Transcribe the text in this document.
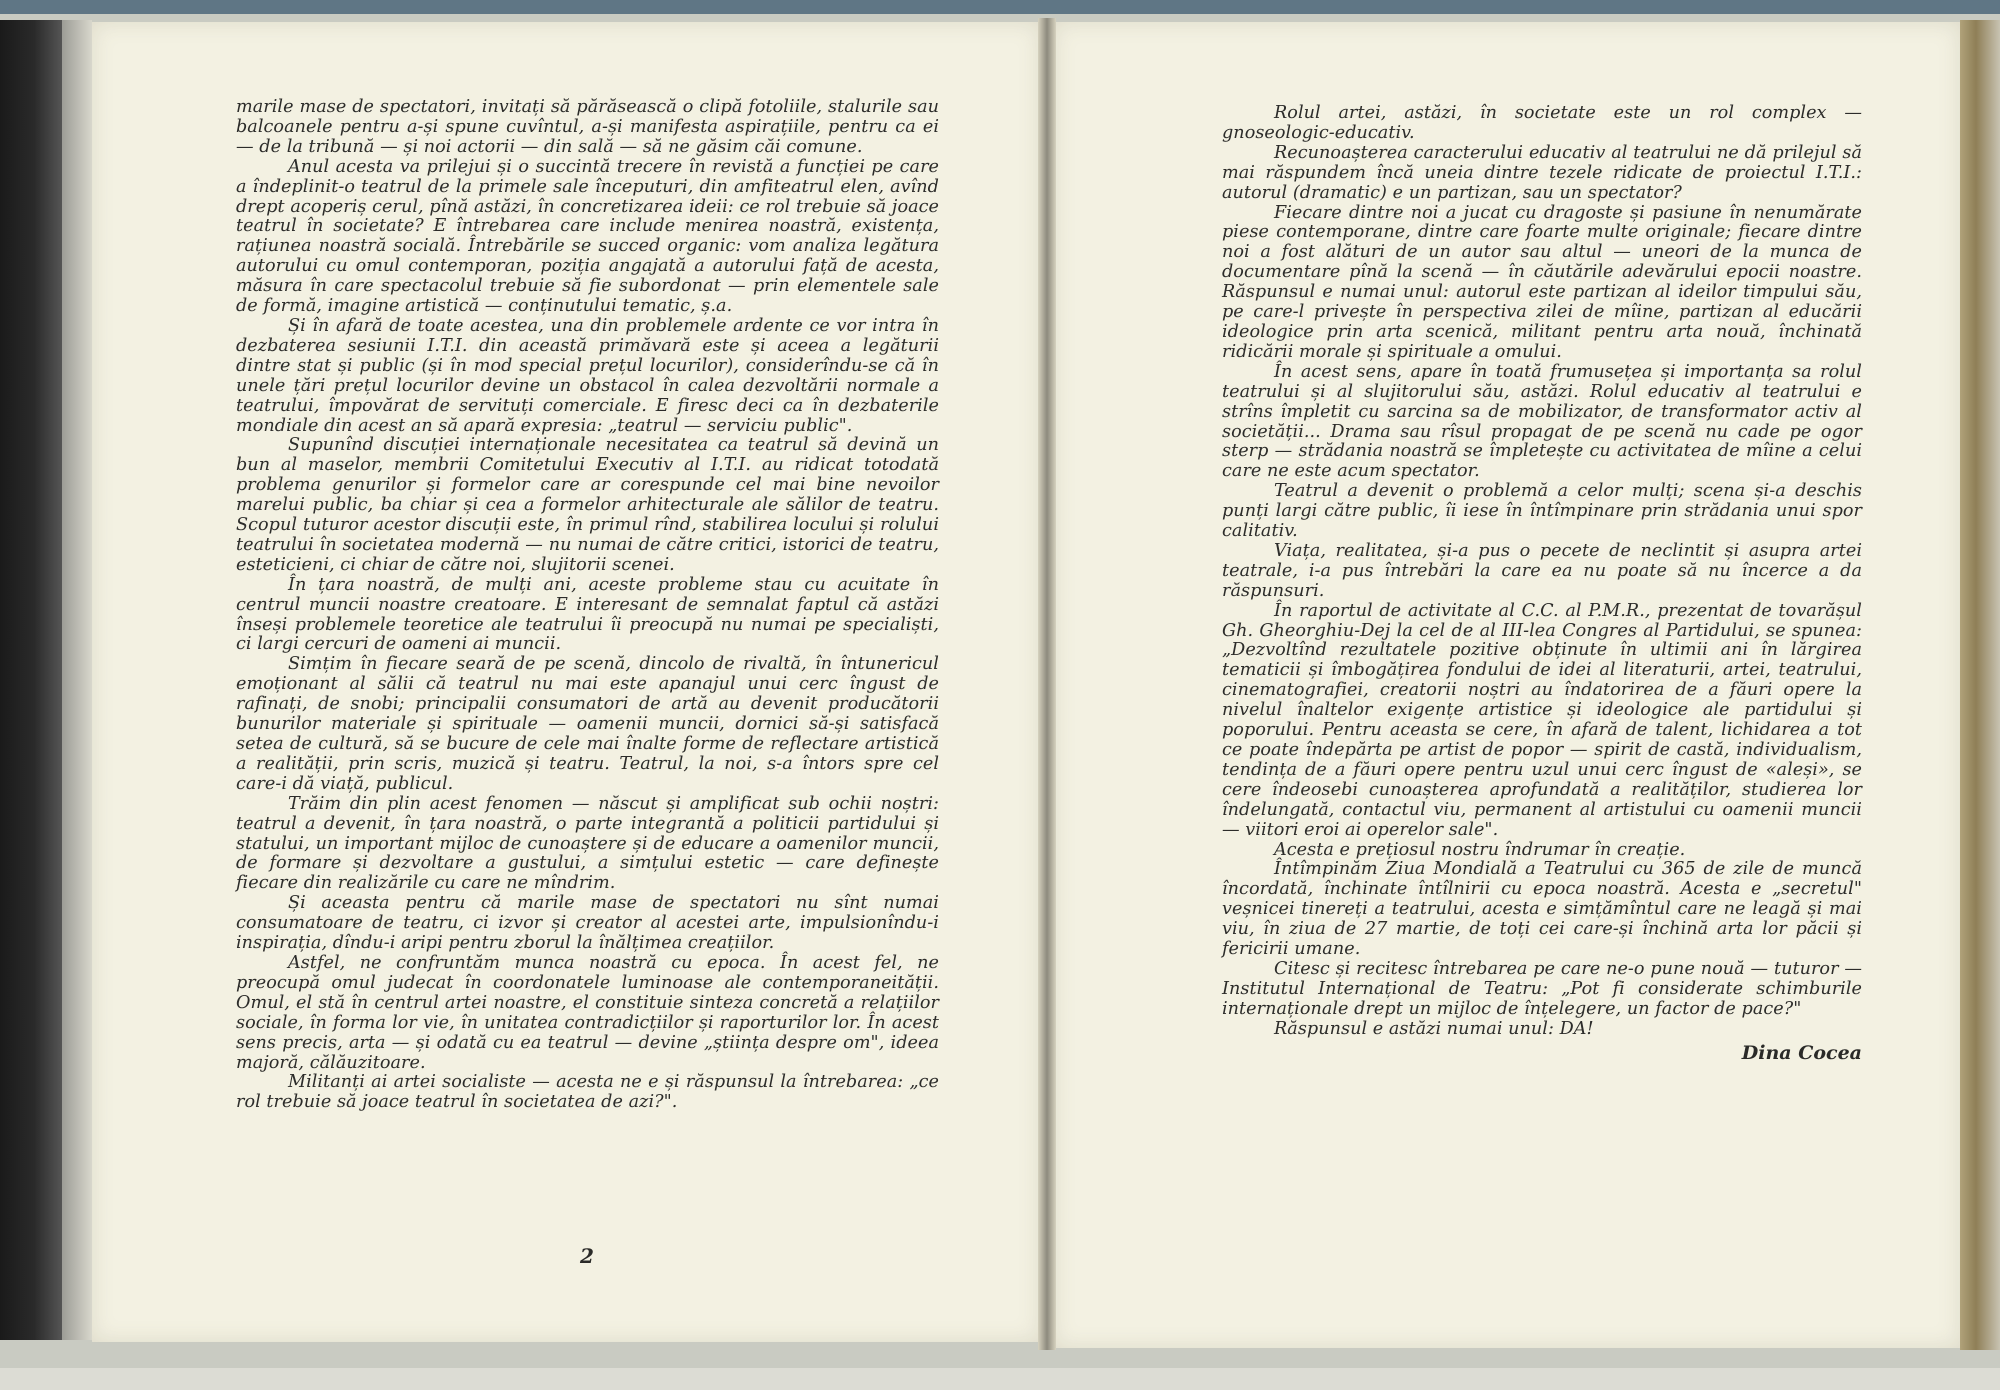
marile mase de spectatori, invitați să părăsească o clipă fotoliile, stalurile sau balcoanele pentru a-și spune cuvîntul, a-și manifesta aspirațiile, pentru ca ei — de la tribună — și noi actorii — din sală — să ne găsim căi comune.

Anul acesta va prilejui și o succintă trecere în revistă a funcției pe care a îndeplinit-o teatrul de la primele sale începuturi, din amfiteatrul elen, avînd drept acoperiș cerul, pînă astăzi, în concretizarea ideii: ce rol trebuie să joace teatrul în societate? E întrebarea care include menirea noastră, existența, rațiunea noastră socială. Întrebările se succed organic: vom analiza legătura autorului cu omul contemporan, poziția angajată a autorului față de acesta, măsura în care spectacolul trebuie să fie subordonat — prin elementele sale de formă, imagine artistică — conținutului tematic, ș.a.

Și în afară de toate acestea, una din problemele ardente ce vor intra în dezbaterea sesiunii I.T.I. din această primăvară este și aceea a legăturii dintre stat și public (și în mod special prețul locurilor), considerîndu-se că în unele țări prețul locurilor devine un obstacol în calea dezvoltării normale a teatrului, împovărat de servituți comerciale. E firesc deci ca în dezbaterile mondiale din acest an să apară expresia: „teatrul — serviciu public".

Supunînd discuției internaționale necesitatea ca teatrul să devină un bun al maselor, membrii Comitetului Executiv al I.T.I. au ridicat totodată problema genurilor și formelor care ar corespunde cel mai bine nevoilor marelui public, ba chiar și cea a formelor arhitecturale ale sălilor de teatru. Scopul tuturor acestor discuții este, în primul rînd, stabilirea locului și rolului teatrului în societatea modernă — nu numai de către critici, istorici de teatru, esteticieni, ci chiar de către noi, slujitorii scenei.

În țara noastră, de mulți ani, aceste probleme stau cu acuitate în centrul muncii noastre creatoare. E interesant de semnalat faptul că astăzi înseși problemele teoretice ale teatrului îi preocupă nu numai pe specialiști, ci largi cercuri de oameni ai muncii.

Simțim în fiecare seară de pe scenă, dincolo de rivaltă, în întunericul emoționant al sălii că teatrul nu mai este apanajul unui cerc îngust de rafinați, de snobi; principalii consumatori de artă au devenit producătorii bunurilor materiale și spirituale — oamenii muncii, dornici să-și satisfacă setea de cultură, să se bucure de cele mai înalte forme de reflectare artistică a realității, prin scris, muzică și teatru. Teatrul, la noi, s-a întors spre cel care-i dă viață, publicul.

Trăim din plin acest fenomen — născut și amplificat sub ochii noștri: teatrul a devenit, în țara noastră, o parte integrantă a politicii partidului și statului, un important mijloc de cunoaștere și de educare a oamenilor muncii, de formare și dezvoltare a gustului, a simțului estetic — care definește fiecare din realizările cu care ne mîndrim.

Și aceasta pentru că marile mase de spectatori nu sînt numai consumatoare de teatru, ci izvor și creator al acestei arte, impulsionîndu-i inspirația, dîndu-i aripi pentru zborul la înălțimea creațiilor.

Astfel, ne confruntăm munca noastră cu epoca. În acest fel, ne preocupă omul judecat în coordonatele luminoase ale contemporaneității. Omul, el stă în centrul artei noastre, el constituie sinteza concretă a relațiilor sociale, în forma lor vie, în unitatea contradicțiilor și raporturilor lor. În acest sens precis, arta — și odată cu ea teatrul — devine „știința despre om", ideea majoră, călăuzitoare.

Militanți ai artei socialiste — acesta ne e și răspunsul la întrebarea: „ce rol trebuie să joace teatrul în societatea de azi?".

2

Rolul artei, astăzi, în societate este un rol complex — gnoseologic-educativ.

Recunoașterea caracterului educativ al teatrului ne dă prilejul să mai răspundem încă uneia dintre tezele ridicate de proiectul I.T.I.: autorul (dramatic) e un partizan, sau un spectator?

Fiecare dintre noi a jucat cu dragoste și pasiune în nenumărate piese contemporane, dintre care foarte multe originale; fiecare dintre noi a fost alături de un autor sau altul — uneori de la munca de documentare pînă la scenă — în căutările adevărului epocii noastre. Răspunsul e numai unul: autorul este partizan al ideilor timpului său, pe care-l privește în perspectiva zilei de mîine, partizan al educării ideologice prin arta scenică, militant pentru arta nouă, închinată ridicării morale și spirituale a omului.

În acest sens, apare în toată frumusețea și importanța sa rolul teatrului și al slujitorului său, astăzi. Rolul educativ al teatrului e strîns împletit cu sarcina sa de mobilizator, de transformator activ al societății... Drama sau rîsul propagat de pe scenă nu cade pe ogor sterp — strădania noastră se împletește cu activitatea de mîine a celui care ne este acum spectator.

Teatrul a devenit o problemă a celor mulți; scena și-a deschis punți largi către public, îi iese în întîmpinare prin strădania unui spor calitativ.

Viața, realitatea, și-a pus o pecete de neclintit și asupra artei teatrale, i-a pus întrebări la care ea nu poate să nu încerce a da răspunsuri.

În raportul de activitate al C.C. al P.M.R., prezentat de tovarășul Gh. Gheorghiu-Dej la cel de al III-lea Congres al Partidului, se spunea: „Dezvoltînd rezultatele pozitive obținute în ultimii ani în lărgirea tematicii și îmbogățirea fondului de idei al literaturii, artei, teatrului, cinematografiei, creatorii noștri au îndatorirea de a făuri opere la nivelul înaltelor exigențe artistice și ideologice ale partidului și poporului. Pentru aceasta se cere, în afară de talent, lichidarea a tot ce poate îndepărta pe artist de popor — spirit de castă, individualism, tendința de a făuri opere pentru uzul unui cerc îngust de «aleși», se cere îndeosebi cunoașterea aprofundată a realităților, studierea lor îndelungată, contactul viu, permanent al artistului cu oamenii muncii — viitori eroi ai operelor sale".

Acesta e prețiosul nostru îndrumar în creație.

Întîmpinăm Ziua Mondială a Teatrului cu 365 de zile de muncă încordată, închinate întîlnirii cu epoca noastră. Acesta e „secretul" veșnicei tinereți a teatrului, acesta e simțămîntul care ne leagă și mai viu, în ziua de 27 martie, de toți cei care-și închină arta lor păcii și fericirii umane.

Citesc și recitesc întrebarea pe care ne-o pune nouă — tuturor — Institutul Internațional de Teatru: „Pot fi considerate schimburile internaționale drept un mijloc de înțelegere, un factor de pace?"

Răspunsul e astăzi numai unul: DA!

Dina Cocea
